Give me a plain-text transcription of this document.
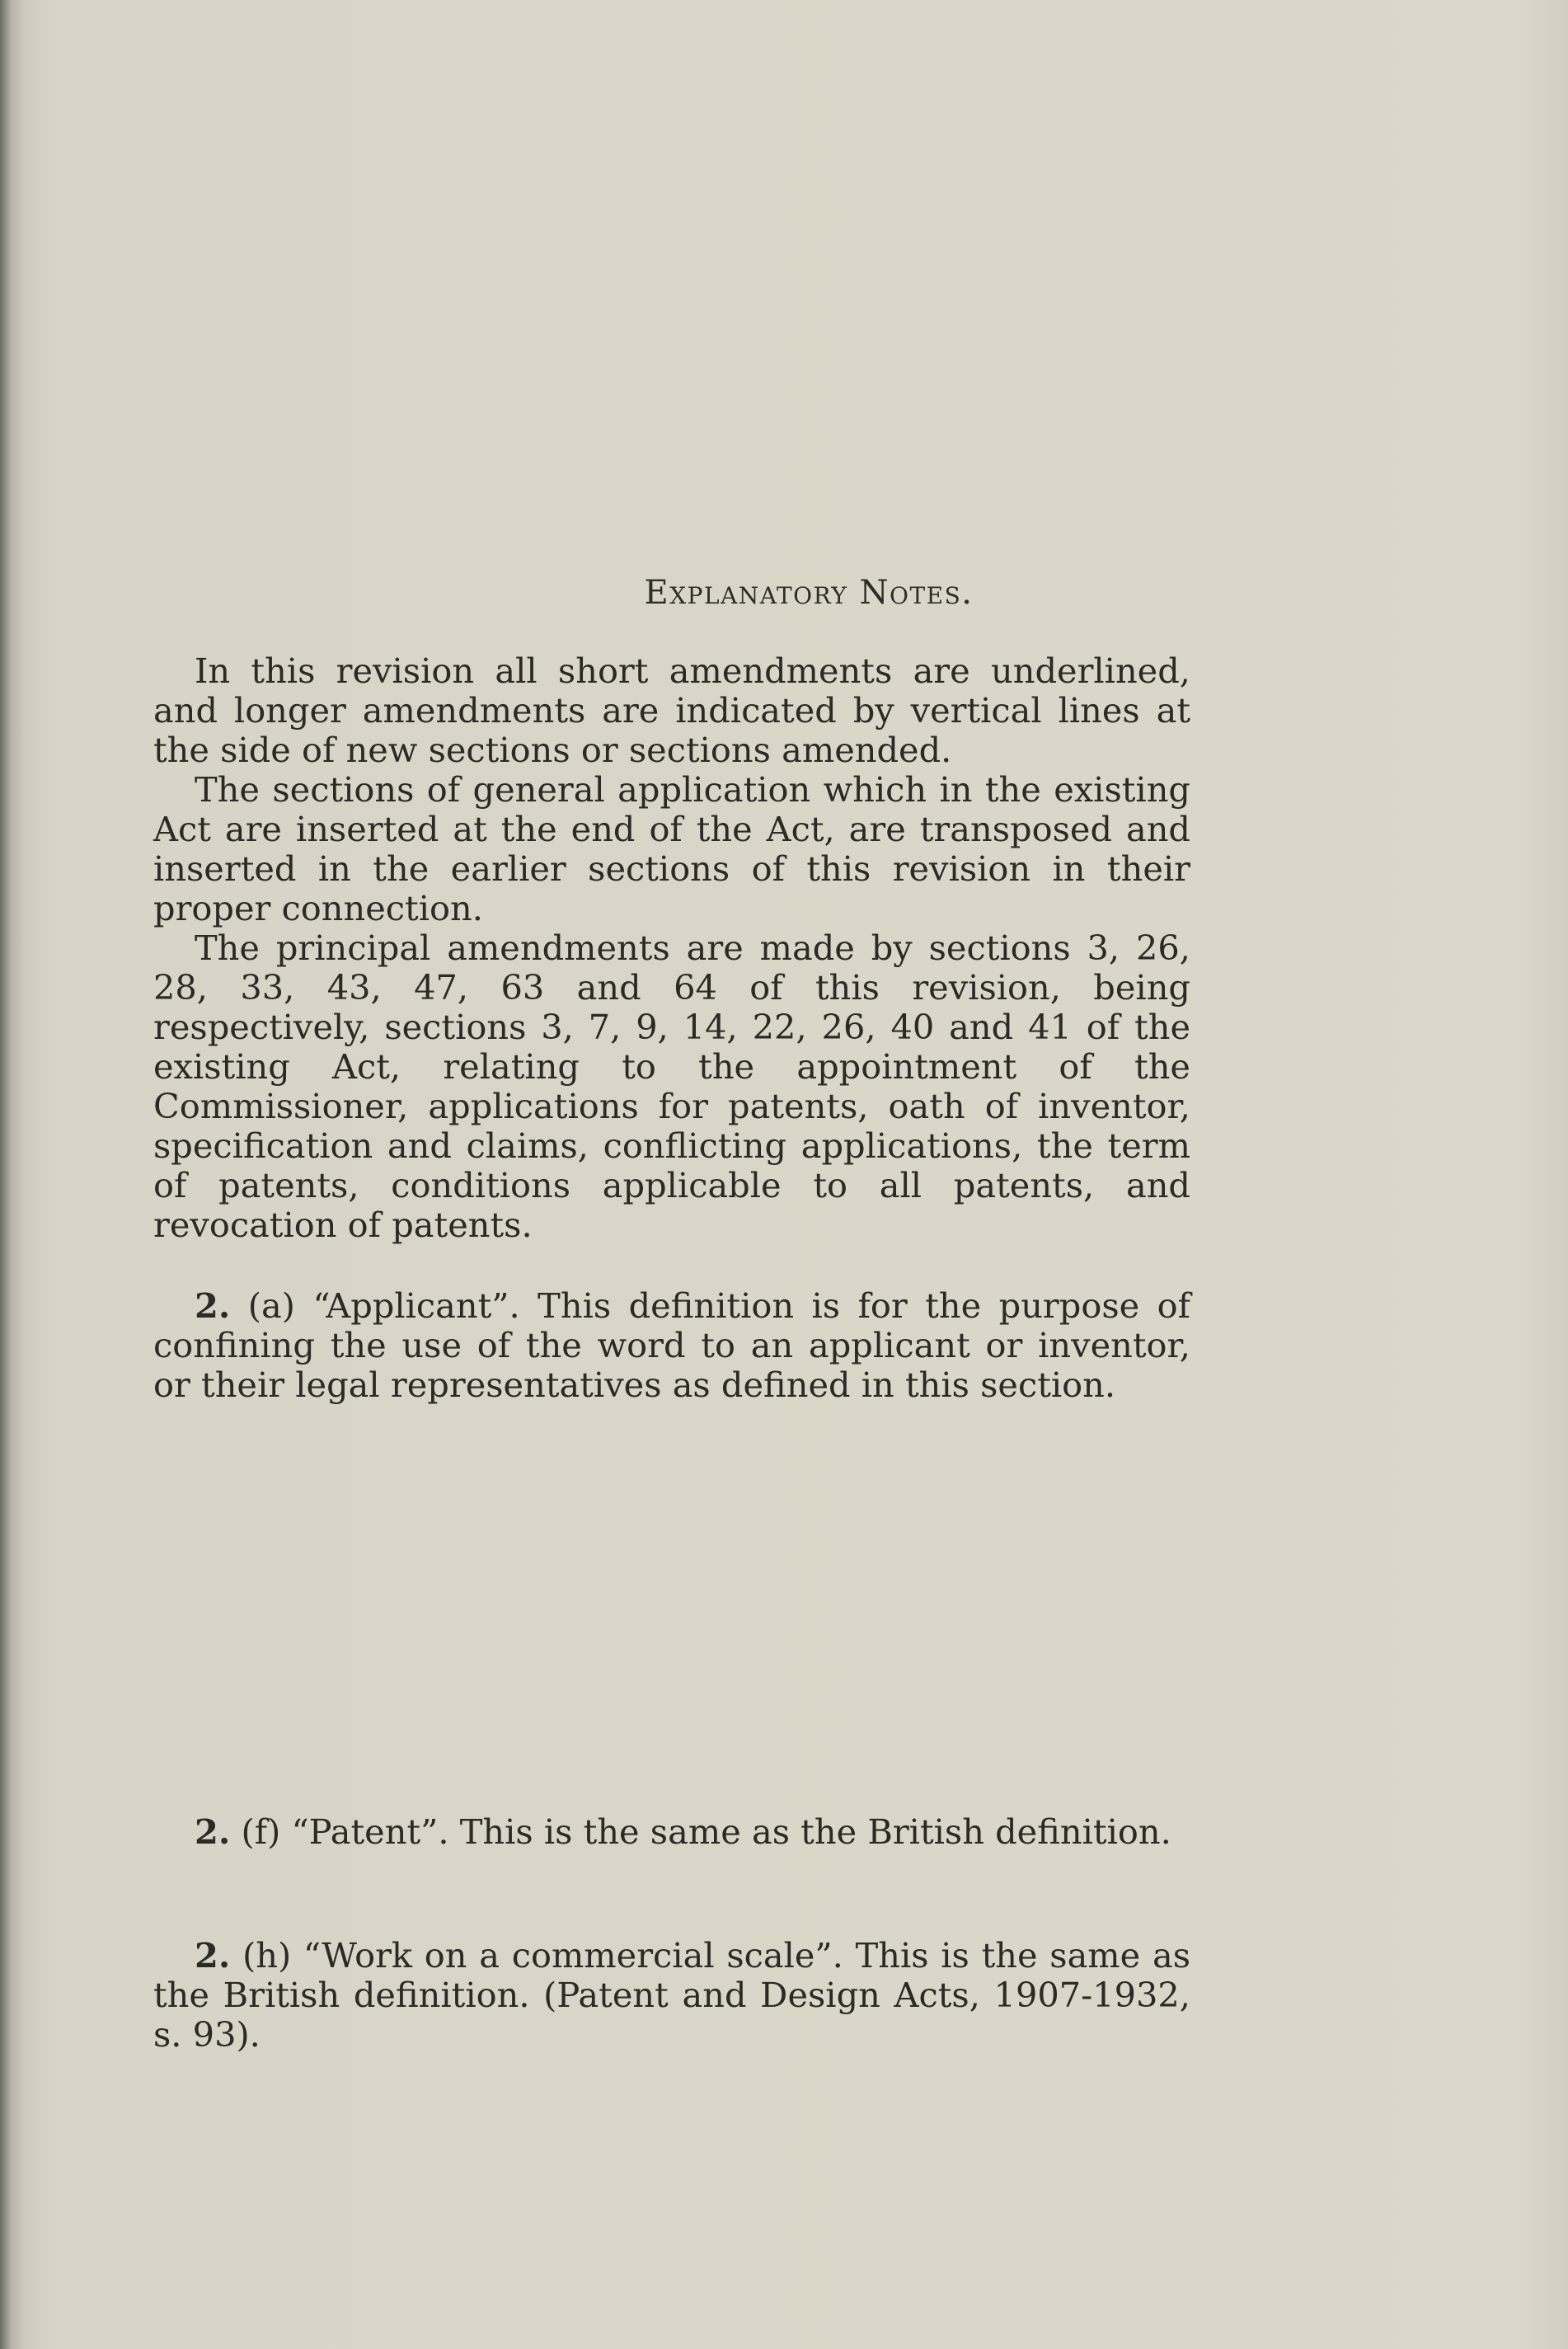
Explanatory Notes.

In this revision all short amendments are underlined, and longer amendments are indicated by vertical lines at the side of new sections or sections amended.

The sections of general application which in the existing Act are inserted at the end of the Act, are transposed and inserted in the earlier sections of this revision in their proper connection.

The principal amendments are made by sections 3, 26, 28, 33, 43, 47, 63 and 64 of this revision, being respectively, sections 3, 7, 9, 14, 22, 26, 40 and 41 of the existing Act, relating to the appointment of the Commissioner, applications for patents, oath of inventor, specification and claims, conflicting applications, the term of patents, conditions applicable to all patents, and revocation of patents.

2. (a) “Applicant”. This definition is for the purpose of confining the use of the word to an applicant or inventor, or their legal representatives as defined in this section.

2. (f) “Patent”. This is the same as the British definition.

2. (h) “Work on a commercial scale”. This is the same as the British definition. (Patent and Design Acts, 1907-1932, s. 93).
